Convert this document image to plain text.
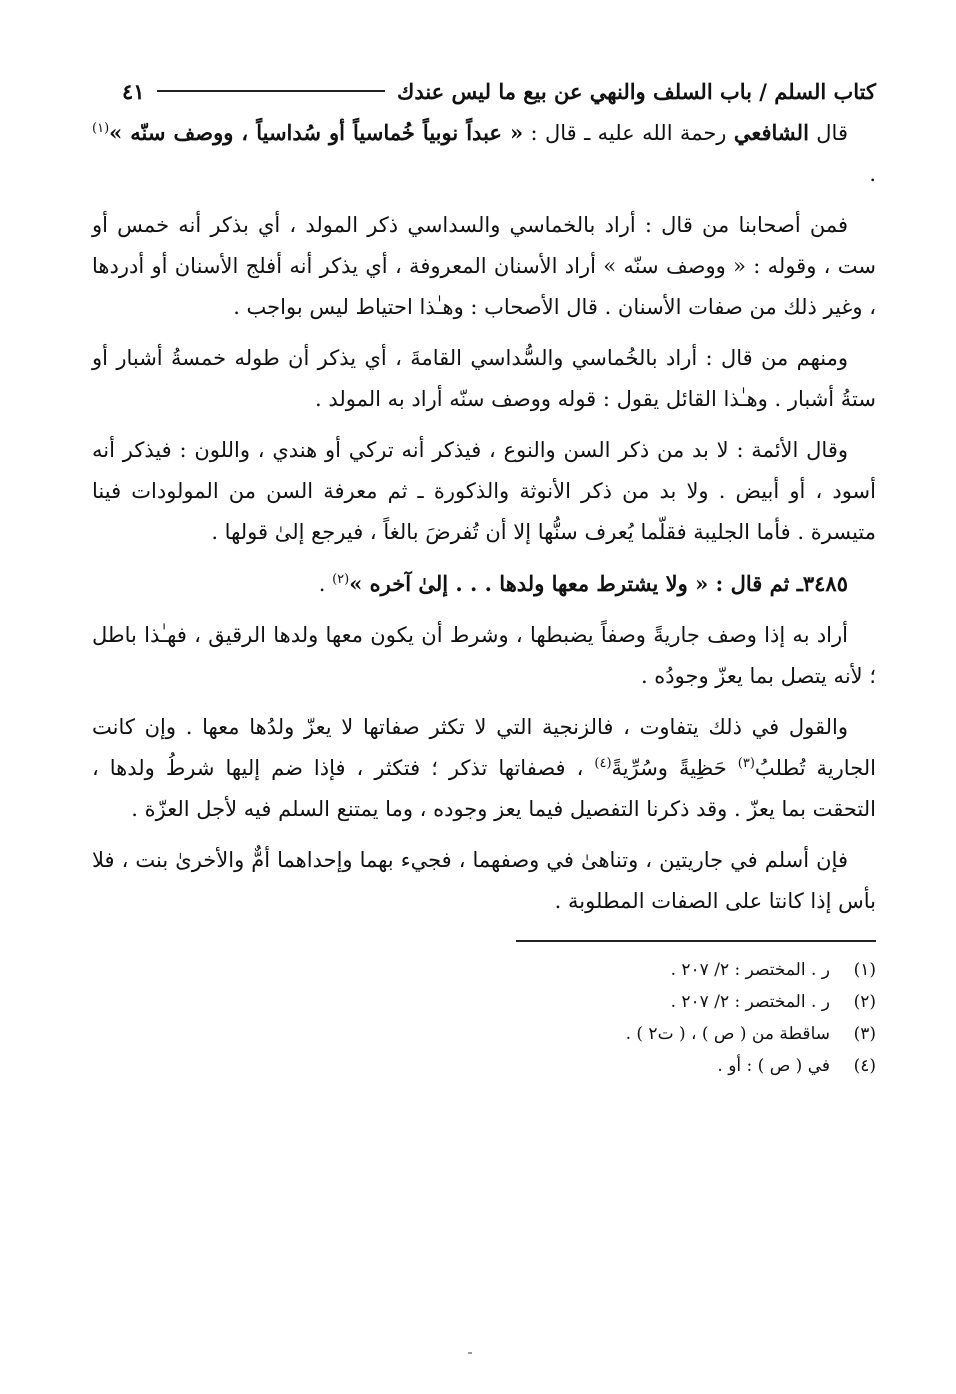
كتاب السلم / باب السلف والنهي عن بيع ما ليس عندك
٤١

قال الشافعي رحمة الله عليه ـ قال : « عبداً نوبياً خُماسياً أو سُداسياً ، ووصف سنّه »$^{(١)}$ .

فمن أصحابنا من قال : أراد بالخماسي والسداسي ذكر المولد ، أي بذكر أنه خمس أو ست ، وقوله : « ووصف سنّه » أراد الأسنان المعروفة ، أي يذكر أنه أفلج الأسنان أو أدردها ، وغير ذلك من صفات الأسنان . قال الأصحاب : وهـٰذا احتياط ليس بواجب .

ومنهم من قال : أراد بالخُماسي والسُّداسي القامةَ ، أي يذكر أن طوله خمسةُ أشبار أو ستةُ أشبار . وهـٰذا القائل يقول : قوله ووصف سنّه أراد به المولد .

وقال الأئمة : لا بد من ذكر السن والنوع ، فيذكر أنه تركي أو هندي ، واللون : فيذكر أنه أسود ، أو أبيض . ولا بد من ذكر الأنوثة والذكورة ـ ثم معرفة السن من المولودات فينا متيسرة . فأما الجليبة فقلّما يُعرف سنُّها إلا أن تُفرضَ بالغاً ، فيرجع إلىٰ قولها .

٣٤٨٥ـ ثم قال : « ولا يشترط معها ولدها . . . إلىٰ آخره »$^{(٢)}$ .

أراد به إذا وصف جاريةً وصفاً يضبطها ، وشرط أن يكون معها ولدها الرقيق ، فهـٰذا باطل ؛ لأنه يتصل بما يعزّ وجودُه .

والقول في ذلك يتفاوت ، فالزنجية التي لا تكثر صفاتها لا يعزّ ولدُها معها . وإن كانت الجارية تُطلبُ$^{(٣)}$ حَظِيةً وسُرِّيةً$^{(٤)}$ ، فصفاتها تذكر ؛ فتكثر ، فإذا ضم إليها شرطُ ولدها ، التحقت بما يعزّ . وقد ذكرنا التفصيل فيما يعز وجوده ، وما يمتنع السلم فيه لأجل العزّة .

فإن أسلم في جاريتين ، وتناهىٰ في وصفهما ، فجيء بهما وإحداهما أمٌّ والأخرىٰ بنت ، فلا بأس إذا كانتا على الصفات المطلوبة .

(١)
ر . المختصر : ٢/ ٢٠٧ .
(٢)
ر . المختصر : ٢/ ٢٠٧ .
(٣)
ساقطة من ( ص ) ، ( ت٢ ) .
(٤)
في ( ص ) : أو .
